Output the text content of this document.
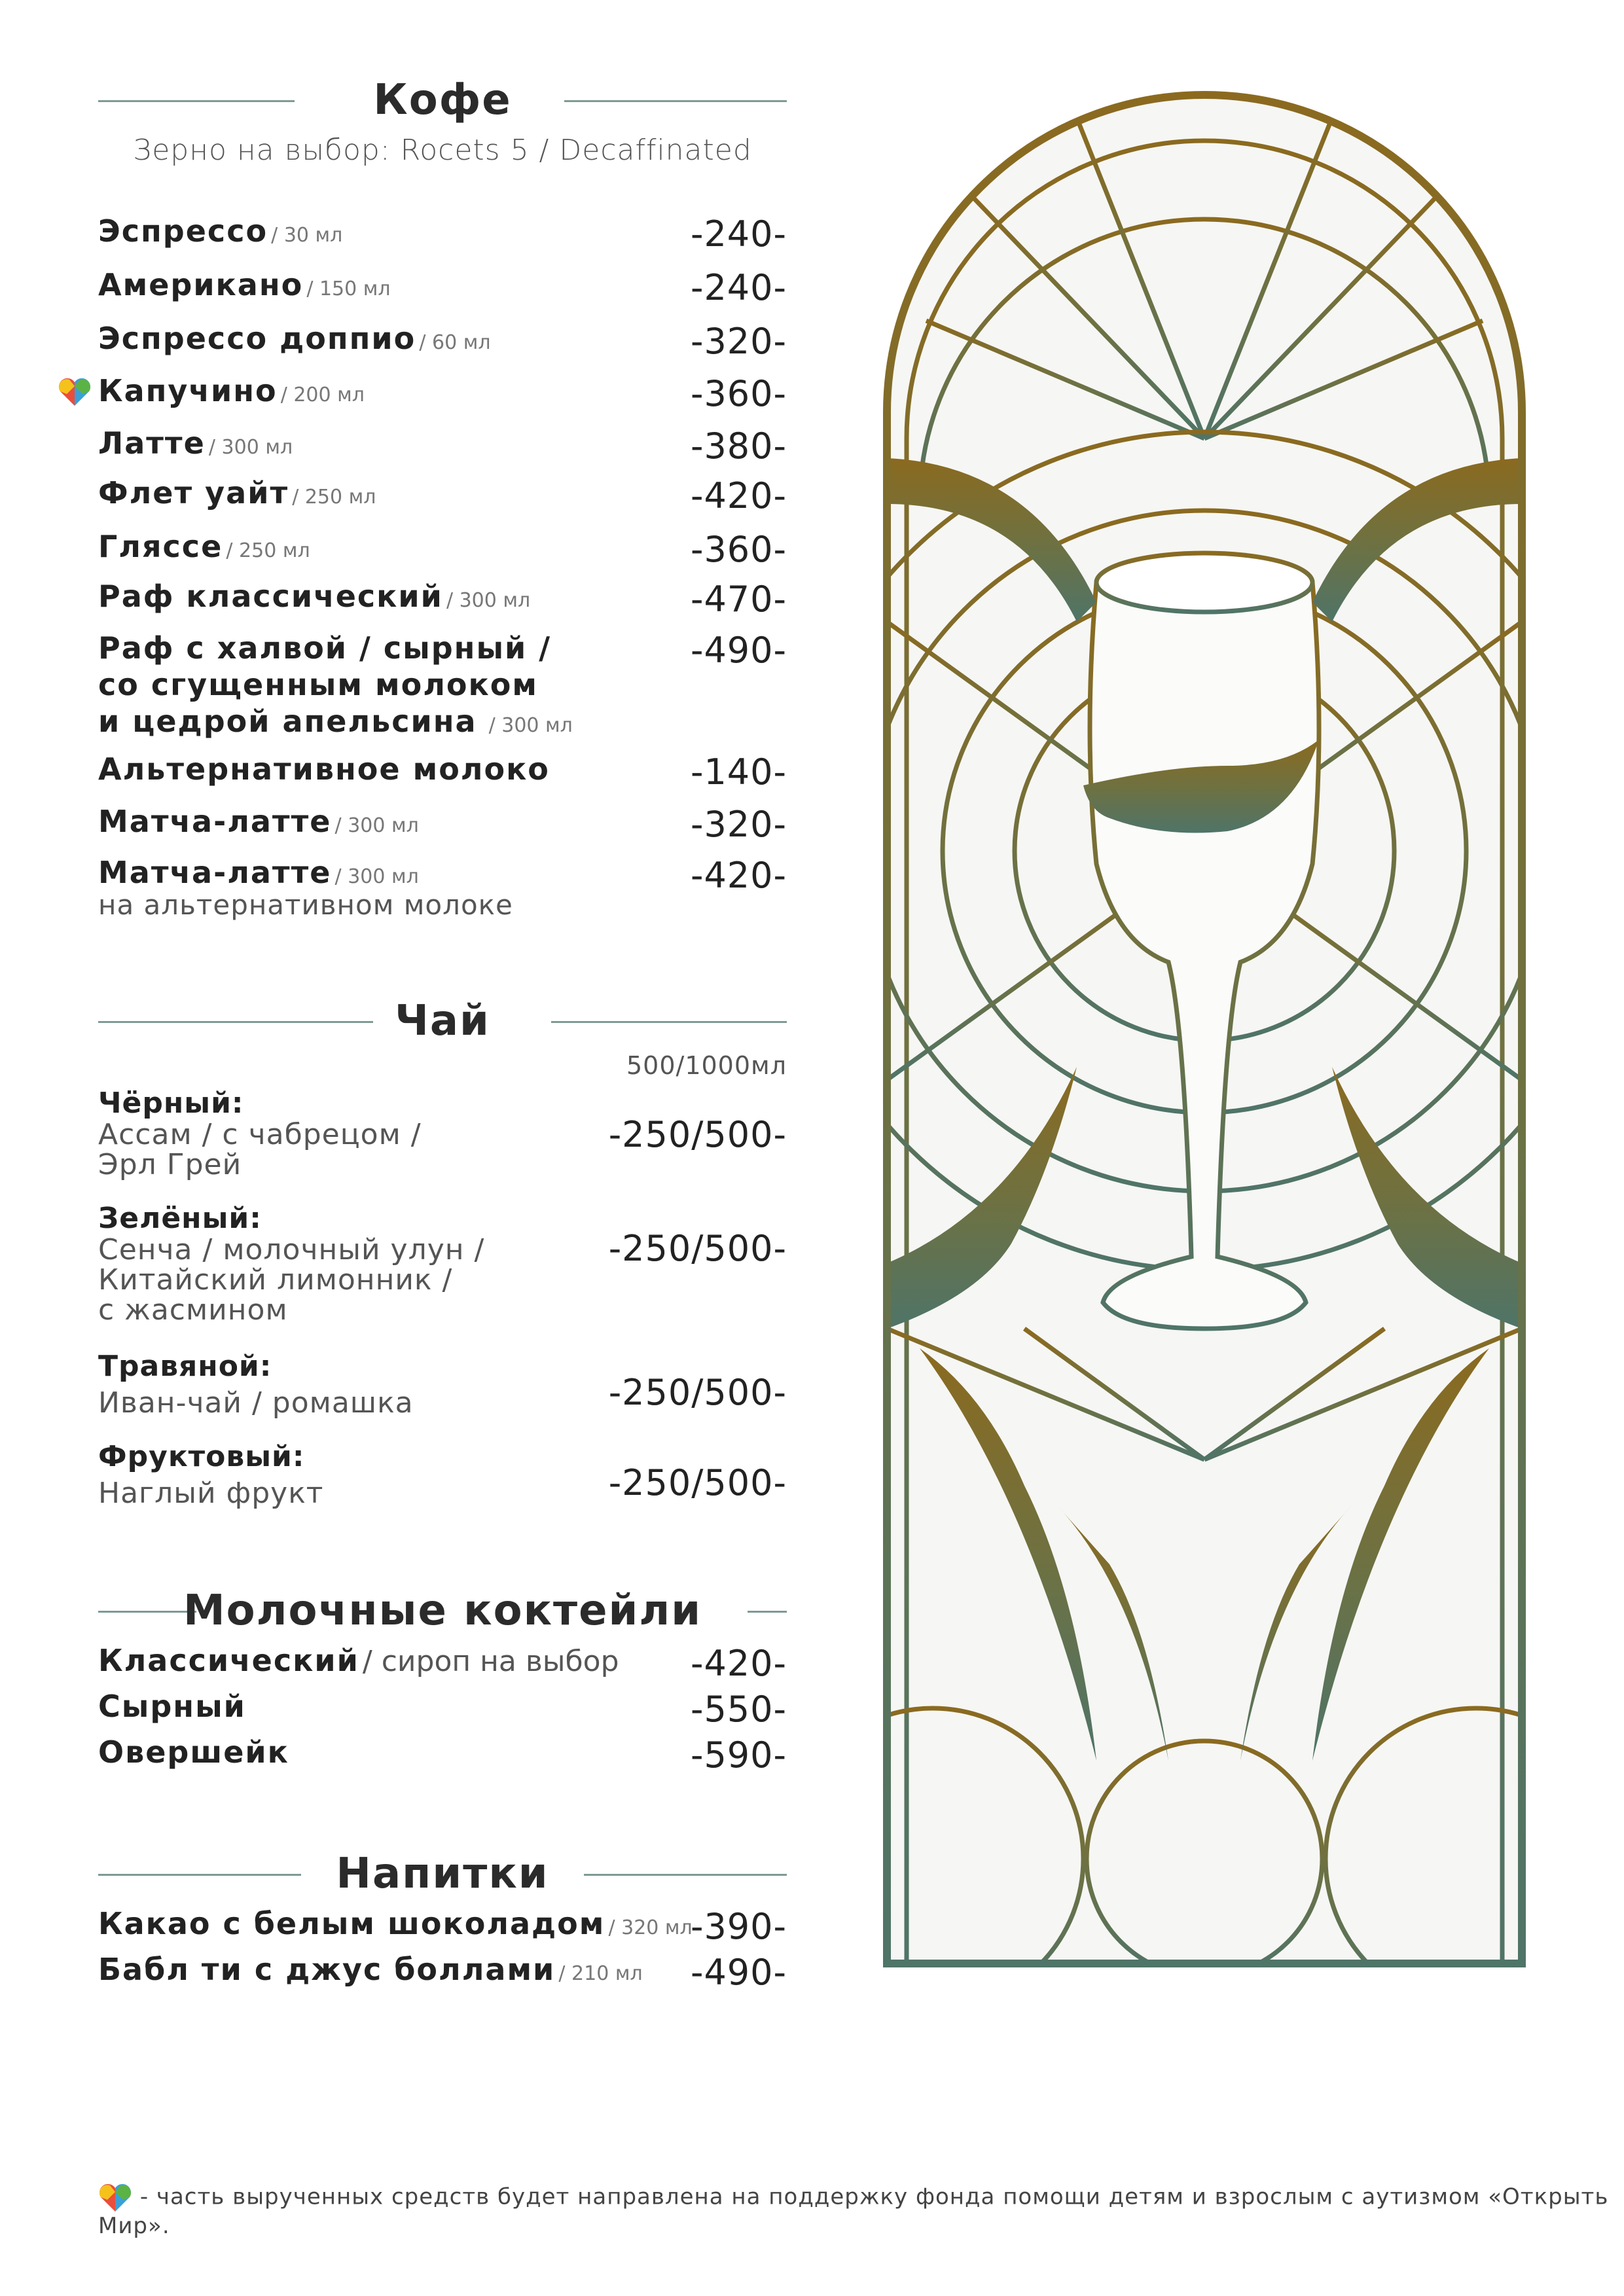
Кофе
Зерно на выбор: Rocets 5 / Decaffinated
Эспрессо / 30 мл	-240-
Американо / 150 мл	-240-
Эспрессо доппио / 60 мл	-320-
Капучино / 200 мл	-360-
Латте / 300 мл	-380-
Флет уайт / 250 мл	-420-
Глясcе / 250 мл	-360-
Раф классический / 300 мл	-470-
Раф с халвой / сырный /
со сгущенным молоком
и цедрой апельсина / 300 мл
-490-
Альтернативное молоко	-140-
Матча-латте / 300 мл	-320-
Матча-латте / 300 мл
на альтернативном молоке
-420-
Чай
500/1000мл
Чёрный:
Ассам / с чабрецом /
Эрл Грей
-250/500-
Зелёный:
Сенча / молочный улун /
Китайский лимонник /
с жасмином
-250/500-
Травяной:
Иван-чай / ромашка	-250/500-
Фруктовый:
Наглый фрукт	-250/500-
Молочные коктейли
Классический / сироп на выбор -420-
Сырный	-550-
Овершейк	-590-
Напитки
Какао с белым шоколадом / 320 мл
-390-
Бабл ти с джус боллами / 210 мл -490-
- часть вырученных средств будет направлена на поддержку фонда помощи детям и взрослым с аутизмом «Открыть Мир».
